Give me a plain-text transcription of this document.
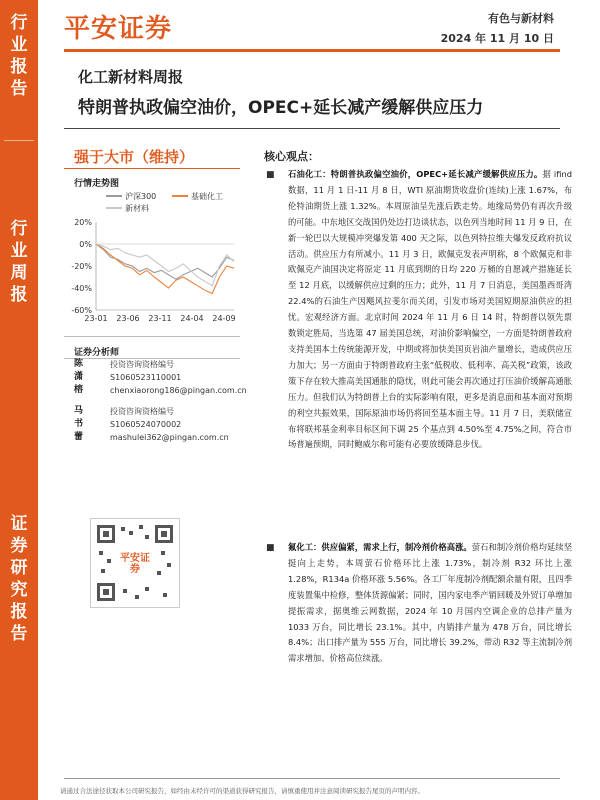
行业报告
行业周报
证券研究报告
平安证券	有色与新材料
2024 年 11 月 10 日
化工新材料周报
特朗普执政偏空油价，OPEC+延长减产缓解供应压力
强于大市（维持）
行情走势图
20%
0%
-20%
-40%
-60%
23-01 23-06 23-11 24-04 24-09
沪深300	基础化工
新材料
证券分析师
陈潇榕
投资咨询资格编号
S1060523110001
chenxiaorong186@pingan.com.cn
马书蕾
投资咨询资格编号
S1060524070002
mashulei362@pingan.com.cn
平安证券
核心观点：
■ 石油化工：特朗普执政偏空油价，OPEC+延长减产缓解供应压力。据 ifind 数据，11 月 1 日-11 月 8 日，WTI 原油期货收盘价(连续)上涨 1.67%，布伦特油期货上涨 1.32%。本周原油呈先涨后跌走势。地缘局势仍有再次升级的可能。中东地区交战国仍处边打边谈状态，以色列当地时间 11 月 9 日，在新一轮巴以大规模冲突爆发第 400 天之际，以色列特拉维夫爆发反政府抗议活动。供应压力有所减小。11 月 3 日，欧佩克发表声明称，8 个欧佩克和非欧佩克产油国决定将原定 11 月底到期的日均 220 万桶的自愿减产措施延长至 12 月底，以缓解供应过剩的压力；此外，11 月 7 日消息，美国墨西哥湾 22.4%的石油生产因飓风拉斐尔而关闭，引发市场对美国短期原油供应的担忧。宏观经济方面。北京时间 2024 年 11 月 6 日 14 时，特朗普以领先票数锁定胜局，当选第 47 届美国总统，对油价影响偏空，一方面是特朗普政府支持美国本土传统能源开发，中期或将加快美国页岩油产量增长，造成供应压力加大；另一方面由于特朗普政府主张“低税收、低利率、高关税”政策，该政策下存在较大推高美国通胀的隐忧，则此可能会再次通过打压油价缓解高通胀压力。但我们认为特朗普上台的实际影响有限，更多是消息面和基本面对预期的利空共振效果，国际原油市场仍将回至基本面主导。11 月 7 日，美联储宣布将联邦基金利率目标区间下调 25 个基点到 4.50%至 4.75%之间，符合市场普遍预期，同时鲍威尔称可能有必要放缓降息步伐。
■ 氟化工：供应偏紧，需求上行，制冷剂价格高涨。萤石和制冷剂价格均延续坚挺向上走势，本周萤石价格环比上涨 1.73%，制冷剂 R32 环比上涨 1.28%，R134a 价格环涨 5.56%。各工厂年度制冷剂配额余量有限，且四季度装置集中检修，整体货源偏紧；同时，国内家电季产销回暖及外贸订单增加提振需求，据奥维云网数据，2024 年 10 月国内空调企业的总排产量为 1033 万台，同比增长 23.1%。其中，内销排产量为 478 万台，同比增长 8.4%；出口排产量为 555 万台，同比增长 39.2%，带动 R32 等主流制冷剂需求增加、价格高位续涨。
请通过合法途径获取本公司研究报告，如经由未经许可的渠道获得研究报告，请慎重使用并注意阅读研究报告尾页的声明内容。
